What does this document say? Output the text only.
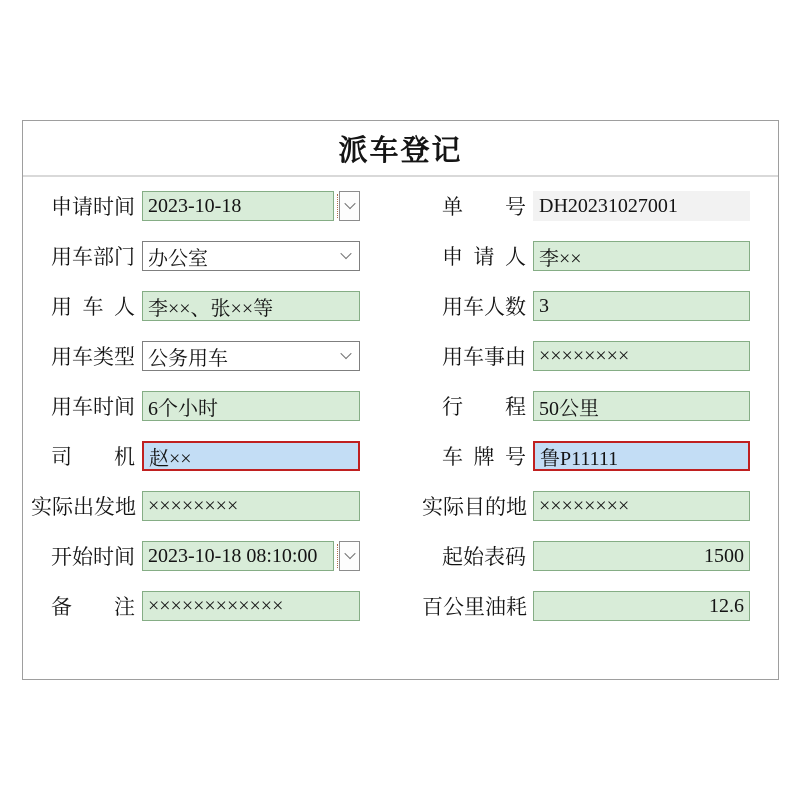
派车登记
申请时间 2023-10-18	单号 DH20231027001
用车部门 办公室	申请人 李××
用车人 李××、张××等	用车人数 3
用车类型 公务用车	用车事由 ××××××××
用车时间 6个小时	行程 50公里
司机 赵××	车牌号 鲁P11111
实际出发地 ××××××××	实际目的地 ××××××××
开始时间 2023-10-18 08:10:00	起始表码	1500
备注 ××××××××××××	百公里油耗	12.6
